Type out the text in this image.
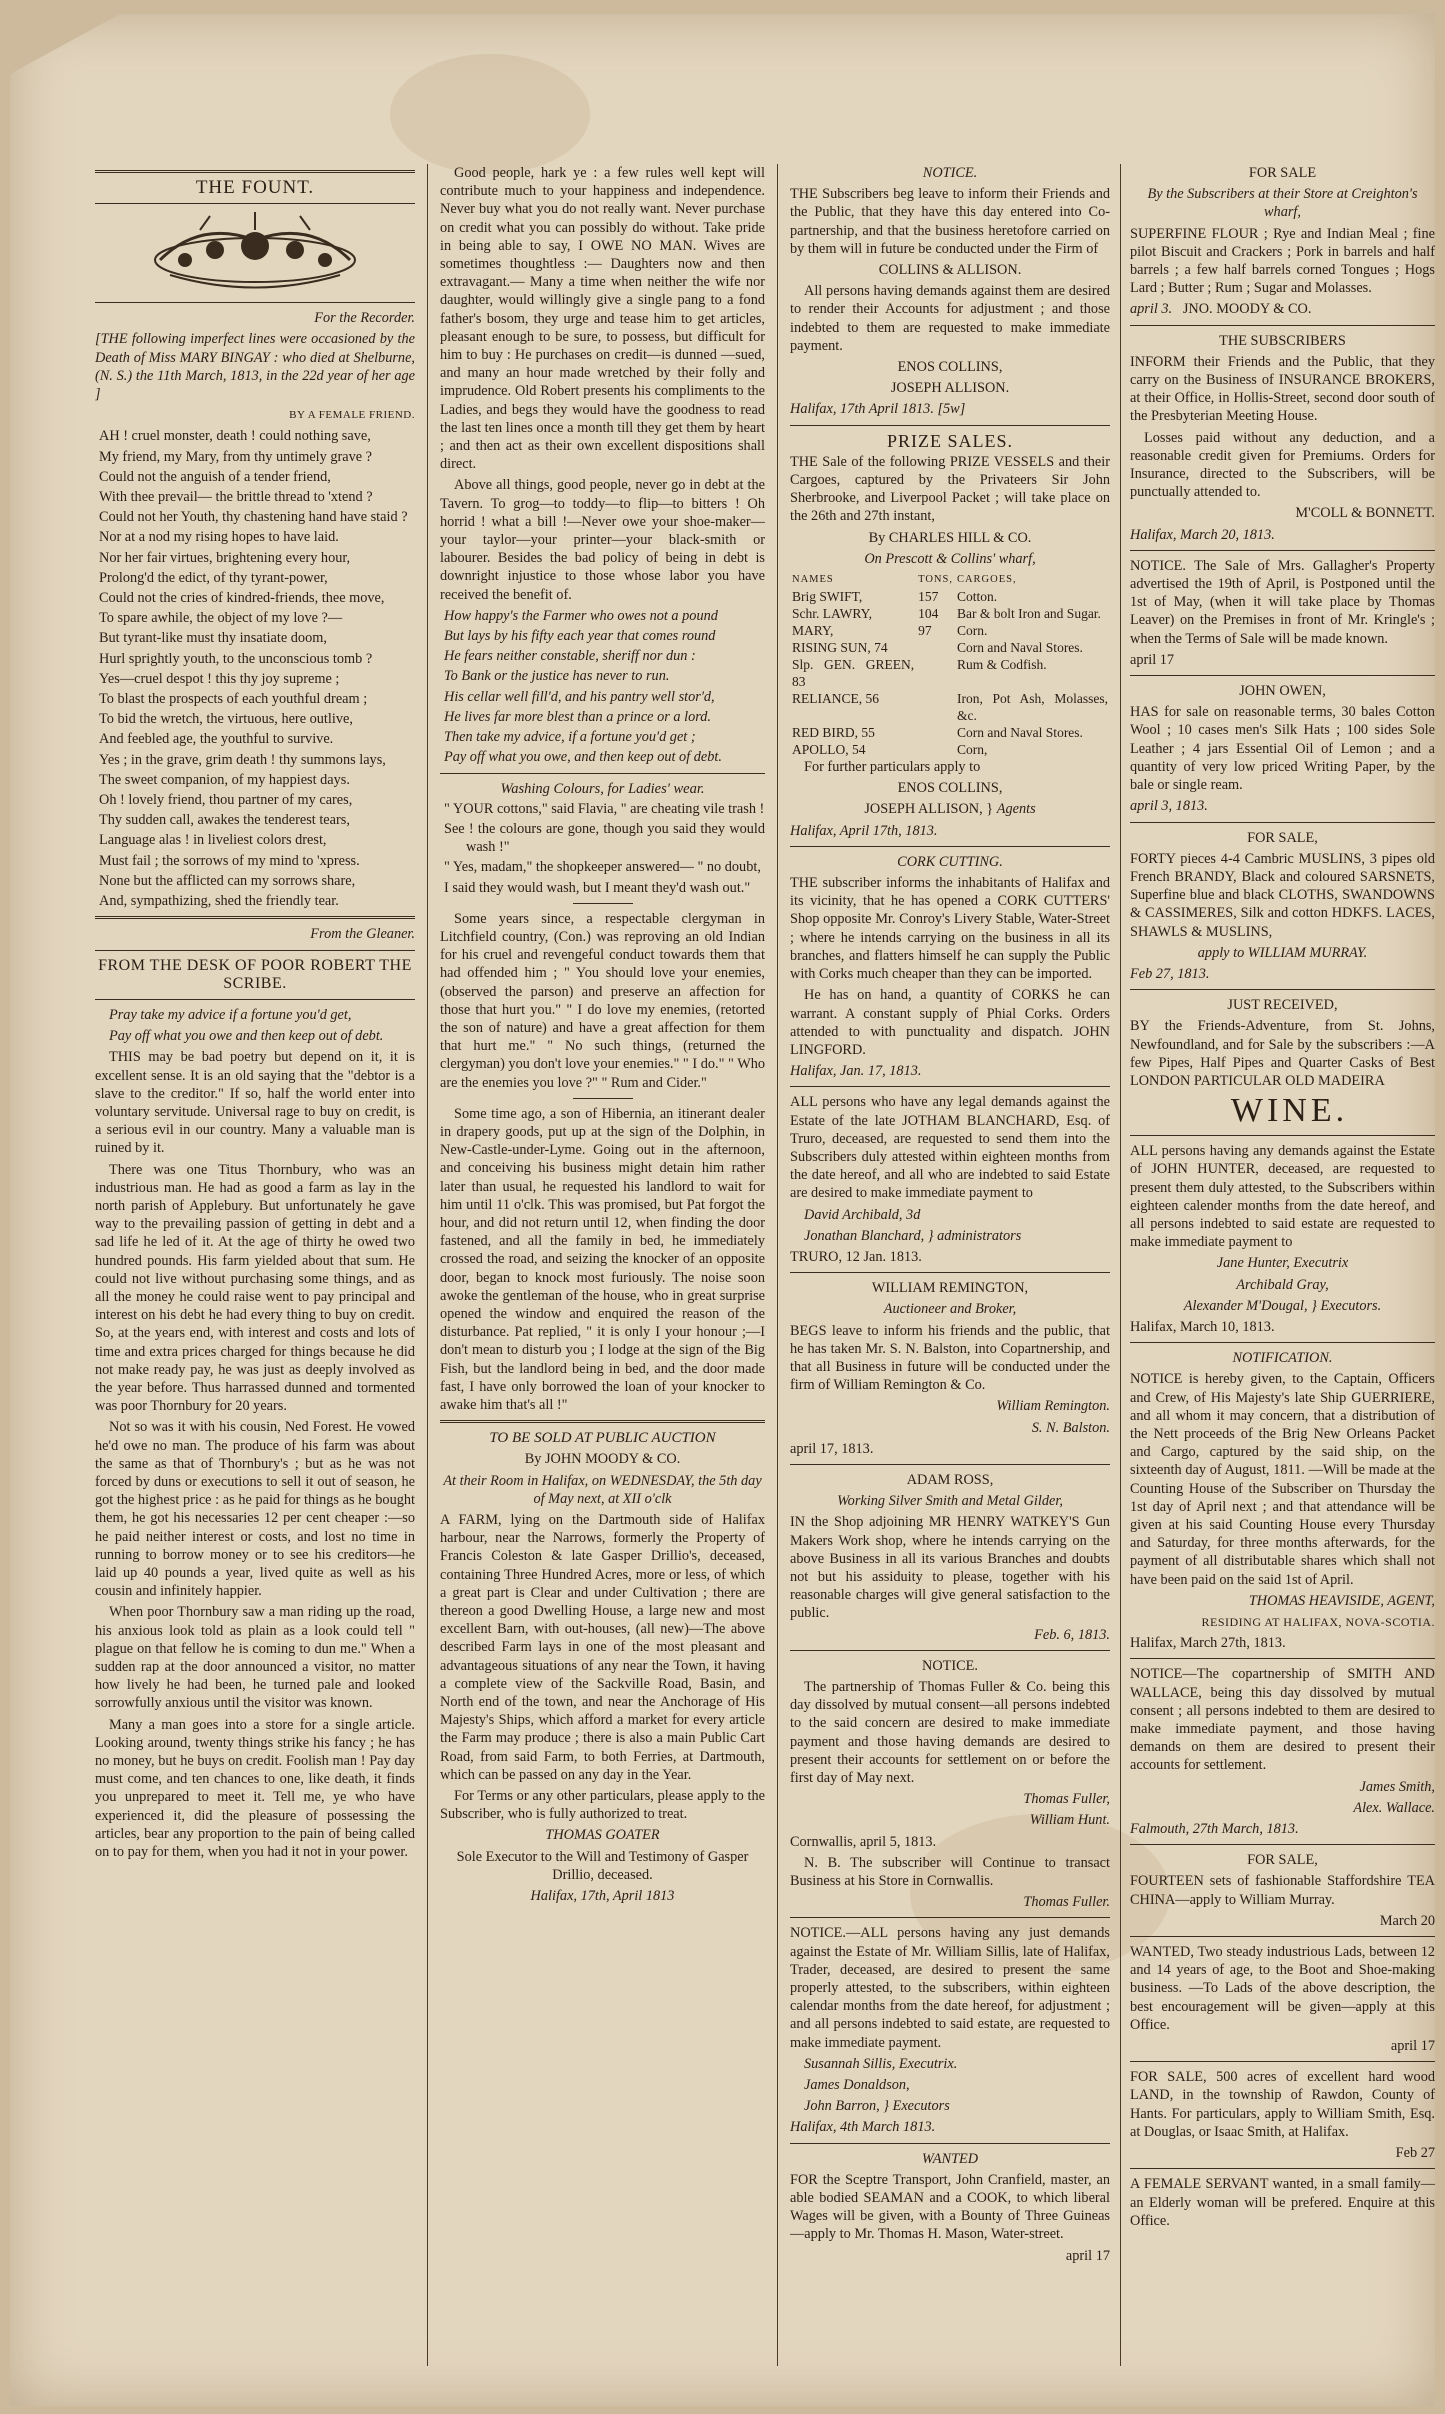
THE FOUNT.

For the Recorder.

[THE following imperfect lines were occasioned by the Death of Miss MARY BINGAY : who died at Shelburne, (N. S.) the 11th March, 1813, in the 22d year of her age ]

BY A FEMALE FRIEND.

AH ! cruel monster, death ! could nothing save,
My friend, my Mary, from thy untimely grave ?
Could not the anguish of a tender friend,
With thee prevail— the brittle thread to 'xtend ?
Could not her Youth, thy chastening hand have staid ?
Nor at a nod my rising hopes to have laid.
Nor her fair virtues, brightening every hour,
Prolong'd the edict, of thy tyrant-power,
Could not the cries of kindred-friends, thee move,
To spare awhile, the object of my love ?—
But tyrant-like must thy insatiate doom,
Hurl sprightly youth, to the unconscious tomb ?
Yes—cruel despot ! this thy joy supreme ;
To blast the prospects of each youthful dream ;
To bid the wretch, the virtuous, here outlive,
And feebled age, the youthful to survive.
Yes ; in the grave, grim death ! thy summons lays,
The sweet companion, of my happiest days.
Oh ! lovely friend, thou partner of my cares,
Thy sudden call, awakes the tenderest tears,
Language alas ! in liveliest colors drest,
Must fail ; the sorrows of my mind to 'xpress.
None but the afflicted can my sorrows share,
And, sympathizing, shed the friendly tear.

From the Gleaner.

FROM THE DESK OF POOR ROBERT THE SCRIBE.

Pray take my advice if a fortune you'd get,

Pay off what you owe and then keep out of debt.

THIS may be bad poetry but depend on it, it is excellent sense. It is an old saying that the "debtor is a slave to the creditor." If so, half the world enter into voluntary servitude. Universal rage to buy on credit, is a serious evil in our country. Many a valuable man is ruined by it.

There was one Titus Thornbury, who was an industrious man. He had as good a farm as lay in the north parish of Applebury. But unfortunately he gave way to the prevailing passion of getting in debt and a sad life he led of it. At the age of thirty he owed two hundred pounds. His farm yielded about that sum. He could not live without purchasing some things, and as all the money he could raise went to pay principal and interest on his debt he had every thing to buy on credit. So, at the years end, with interest and costs and lots of time and extra prices charged for things because he did not make ready pay, he was just as deeply involved as the year before. Thus harrassed dunned and tormented was poor Thornbury for 20 years.

Not so was it with his cousin, Ned Forest. He vowed he'd owe no man. The produce of his farm was about the same as that of Thornbury's ; but as he was not forced by duns or executions to sell it out of season, he got the highest price : as he paid for things as he bought them, he got his necessaries 12 per cent cheaper :—so he paid neither interest or costs, and lost no time in running to borrow money or to see his creditors—he laid up 40 pounds a year, lived quite as well as his cousin and infinitely happier.

When poor Thornbury saw a man riding up the road, his anxious look told as plain as a look could tell " plague on that fellow he is coming to dun me." When a sudden rap at the door announced a visitor, no matter how lively he had been, he turned pale and looked sorrowfully anxious until the visitor was known.

Many a man goes into a store for a single article. Looking around, twenty things strike his fancy ; he has no money, but he buys on credit. Foolish man ! Pay day must come, and ten chances to one, like death, it finds you unprepared to meet it. Tell me, ye who have experienced it, did the pleasure of possessing the articles, bear any proportion to the pain of being called on to pay for them, when you had it not in your power.

Good people, hark ye : a few rules well kept will contribute much to your happiness and independence. Never buy what you do not really want. Never purchase on credit what you can possibly do without. Take pride in being able to say, I OWE NO MAN. Wives are sometimes thoughtless :— Daughters now and then extravagant.— Many a time when neither the wife nor daughter, would willingly give a single pang to a fond father's bosom, they urge and tease him to get articles, pleasant enough to be sure, to possess, but difficult for him to buy : He purchases on credit—is dunned —sued, and many an hour made wretched by their folly and imprudence. Old Robert presents his compliments to the Ladies, and begs they would have the goodness to read the last ten lines once a month till they get them by heart ; and then act as their own excellent dispositions shall direct.

Above all things, good people, never go in debt at the Tavern. To grog—to toddy—to flip—to bitters ! Oh horrid ! what a bill !—Never owe your shoe-maker—your taylor—your printer—your black-smith or labourer. Besides the bad policy of being in debt is downright injustice to those whose labor you have received the benefit of.

How happy's the Farmer who owes not a pound
But lays by his fifty each year that comes round
He fears neither constable, sheriff nor dun :
To Bank or the justice has never to run.
His cellar well fill'd, and his pantry well stor'd,
He lives far more blest than a prince or a lord.
Then take my advice, if a fortune you'd get ;
Pay off what you owe, and then keep out of debt.
Washing Colours, for Ladies' wear.
" YOUR cottons," said Flavia, " are cheating vile trash !
See ! the colours are gone, though you said they would wash !"
" Yes, madam," the shopkeeper answered— " no doubt,
I said they would wash, but I meant they'd wash out."

Some years since, a respectable clergyman in Litchfield country, (Con.) was reproving an old Indian for his cruel and revengeful conduct towards them that had offended him ; " You should love your enemies, (observed the parson) and preserve an affection for those that hurt you." " I do love my enemies, (retorted the son of nature) and have a great affection for them that hurt me." " No such things, (returned the clergyman) you don't love your enemies." " I do." " Who are the enemies you love ?" " Rum and Cider."

Some time ago, a son of Hibernia, an itinerant dealer in drapery goods, put up at the sign of the Dolphin, in New-Castle-under-Lyme. Going out in the afternoon, and conceiving his business might detain him rather later than usual, he requested his landlord to wait for him until 11 o'clk. This was promised, but Pat forgot the hour, and did not return until 12, when finding the door fastened, and all the family in bed, he immediately crossed the road, and seizing the knocker of an opposite door, began to knock most furiously. The noise soon awoke the gentleman of the house, who in great surprise opened the window and enquired the reason of the disturbance. Pat replied, " it is only I your honour ;—I don't mean to disturb you ; I lodge at the sign of the Big Fish, but the landlord being in bed, and the door made fast, I have only borrowed the loan of your knocker to awake him that's all !"

TO BE SOLD AT PUBLIC AUCTION

By JOHN MOODY & CO.

At their Room in Halifax, on WEDNESDAY, the 5th day of May next, at XII o'clk

A FARM, lying on the Dartmouth side of Halifax harbour, near the Narrows, formerly the Property of Francis Coleston & late Gasper Drillio's, deceased, containing Three Hundred Acres, more or less, of which a great part is Clear and under Cultivation ; there are thereon a good Dwelling House, a large new and most excellent Barn, with out-houses, (all new)—The above described Farm lays in one of the most pleasant and advantageous situations of any near the Town, it having a complete view of the Sackville Road, Basin, and North end of the town, and near the Anchorage of His Majesty's Ships, which afford a market for every article the Farm may produce ; there is also a main Public Cart Road, from said Farm, to both Ferries, at Dartmouth, which can be passed on any day in the Year.

For Terms or any other particulars, please apply to the Subscriber, who is fully authorized to treat.

THOMAS GOATER

Sole Executor to the Will and Testimony of Gasper Drillio, deceased.

Halifax, 17th, April 1813

NOTICE.

THE Subscribers beg leave to inform their Friends and the Public, that they have this day entered into Co-partnership, and that the business heretofore carried on by them will in future be conducted under the Firm of

COLLINS & ALLISON.

All persons having demands against them are desired to render their Accounts for adjustment ; and those indebted to them are requested to make immediate payment.

ENOS COLLINS,

JOSEPH ALLISON.

Halifax, 17th April 1813. [5w]

PRIZE SALES.

THE Sale of the following PRIZE VESSELS and their Cargoes, captured by the Privateers Sir John Sherbrooke, and Liverpool Packet ; will take place on the 26th and 27th instant,

By CHARLES HILL & CO.

On Prescott & Collins' wharf,

NAMES	TONS,	CARGOES,
Brig SWIFT,	157	Cotton.
Schr. LAWRY,	104	Bar & bolt Iron and Sugar.
MARY,	97	Corn.
RISING SUN, 74		Corn and Naval Stores.
Slp. GEN. GREEN, 83		Rum & Codfish.
RELIANCE, 56		Iron, Pot Ash, Molasses, &c.
RED BIRD, 55		Corn and Naval Stores.
APOLLO, 54		Corn,

For further particulars apply to

ENOS COLLINS,

JOSEPH ALLISON, } Agents

Halifax, April 17th, 1813.

CORK CUTTING.

THE subscriber informs the inhabitants of Halifax and its vicinity, that he has opened a CORK CUTTERS' Shop opposite Mr. Conroy's Livery Stable, Water-Street ; where he intends carrying on the business in all its branches, and flatters himself he can supply the Public with Corks much cheaper than they can be imported.

He has on hand, a quantity of CORKS he can warrant. A constant supply of Phial Corks. Orders attended to with punctuality and dispatch. JOHN LINGFORD.

Halifax, Jan. 17, 1813.

ALL persons who have any legal demands against the Estate of the late JOTHAM BLANCHARD, Esq. of Truro, deceased, are requested to send them into the Subscribers duly attested within eighteen months from the date hereof, and all who are indebted to said Estate are desired to make immediate payment to

David Archibald, 3d

Jonathan Blanchard, } administrators

TRURO, 12 Jan. 1813.

WILLIAM REMINGTON,

Auctioneer and Broker,

BEGS leave to inform his friends and the public, that he has taken Mr. S. N. Balston, into Copartnership, and that all Business in future will be conducted under the firm of William Remington & Co.

William Remington.

S. N. Balston.

april 17, 1813.

ADAM ROSS,

Working Silver Smith and Metal Gilder,

IN the Shop adjoining MR HENRY WATKEY'S Gun Makers Work shop, where he intends carrying on the above Business in all its various Branches and doubts not but his assiduity to please, together with his reasonable charges will give general satisfaction to the public.

Feb. 6, 1813.

NOTICE.

The partnership of Thomas Fuller & Co. being this day dissolved by mutual consent—all persons indebted to the said concern are desired to make immediate payment and those having demands are desired to present their accounts for settlement on or before the first day of May next.

Thomas Fuller,

William Hunt.

Cornwallis, april 5, 1813.

N. B. The subscriber will Continue to transact Business at his Store in Cornwallis.

Thomas Fuller.

NOTICE.—ALL persons having any just demands against the Estate of Mr. William Sillis, late of Halifax, Trader, deceased, are desired to present the same properly attested, to the subscribers, within eighteen calendar months from the date hereof, for adjustment ; and all persons indebted to said estate, are requested to make immediate payment.

Susannah Sillis, Executrix.

James Donaldson,

John Barron, } Executors

Halifax, 4th March 1813.

WANTED

FOR the Sceptre Transport, John Cranfield, master, an able bodied SEAMAN and a COOK, to which liberal Wages will be given, with a Bounty of Three Guineas—apply to Mr. Thomas H. Mason, Water-street.

april 17

FOR SALE

By the Subscribers at their Store at Creighton's wharf,

SUPERFINE FLOUR ; Rye and Indian Meal ; fine pilot Biscuit and Crackers ; Pork in barrels and half barrels ; a few half barrels corned Tongues ; Hogs Lard ; Butter ; Rum ; Sugar and Molasses.

april 3. JNO. MOODY & CO.

THE SUBSCRIBERS

INFORM their Friends and the Public, that they carry on the Business of INSURANCE BROKERS, at their Office, in Hollis-Street, second door south of the Presbyterian Meeting House.

Losses paid without any deduction, and a reasonable credit given for Premiums. Orders for Insurance, directed to the Subscribers, will be punctually attended to.

M'COLL & BONNETT.

Halifax, March 20, 1813.

NOTICE. The Sale of Mrs. Gallagher's Property advertised the 19th of April, is Postponed until the 1st of May, (when it will take place by Thomas Leaver) on the Premises in front of Mr. Kringle's ; when the Terms of Sale will be made known.

april 17

JOHN OWEN,

HAS for sale on reasonable terms, 30 bales Cotton Wool ; 10 cases men's Silk Hats ; 100 sides Sole Leather ; 4 jars Essential Oil of Lemon ; and a quantity of very low priced Writing Paper, by the bale or single ream.

april 3, 1813.

FOR SALE,

FORTY pieces 4-4 Cambric MUSLINS, 3 pipes old French BRANDY, Black and coloured SARSNETS, Superfine blue and black CLOTHS, SWANDOWNS & CASSIMERES, Silk and cotton HDKFS. LACES, SHAWLS & MUSLINS,

apply to WILLIAM MURRAY.

Feb 27, 1813.

JUST RECEIVED,

BY the Friends-Adventure, from St. Johns, Newfoundland, and for Sale by the subscribers :—A few Pipes, Half Pipes and Quarter Casks of Best LONDON PARTICULAR OLD MADEIRA

WINE.

ALL persons having any demands against the Estate of JOHN HUNTER, deceased, are requested to present them duly attested, to the Subscribers within eighteen calender months from the date hereof, and all persons indebted to said estate are requested to make immediate payment to

Jane Hunter, Executrix

Archibald Gray,

Alexander M'Dougal, } Executors.

Halifax, March 10, 1813.

NOTIFICATION.

NOTICE is hereby given, to the Captain, Officers and Crew, of His Majesty's late Ship GUERRIERE, and all whom it may concern, that a distribution of the Nett proceeds of the Brig New Orleans Packet and Cargo, captured by the said ship, on the sixteenth day of August, 1811. —Will be made at the Counting House of the Subscriber on Thursday the 1st day of April next ; and that attendance will be given at his said Counting House every Thursday and Saturday, for three months afterwards, for the payment of all distributable shares which shall not have been paid on the said 1st of April.

THOMAS HEAVISIDE, AGENT,

RESIDING AT HALIFAX, NOVA-SCOTIA.

Halifax, March 27th, 1813.

NOTICE—The copartnership of SMITH AND WALLACE, being this day dissolved by mutual consent ; all persons indebted to them are desired to make immediate payment, and those having demands on them are desired to present their accounts for settlement.

James Smith,

Alex. Wallace.

Falmouth, 27th March, 1813.

FOR SALE,

FOURTEEN sets of fashionable Staffordshire TEA CHINA—apply to William Murray.

March 20

WANTED, Two steady industrious Lads, between 12 and 14 years of age, to the Boot and Shoe-making business. —To Lads of the above description, the best encouragement will be given—apply at this Office.

april 17

FOR SALE, 500 acres of excellent hard wood LAND, in the township of Rawdon, County of Hants. For particulars, apply to William Smith, Esq. at Douglas, or Isaac Smith, at Halifax.

Feb 27

A FEMALE SERVANT wanted, in a small family—an Elderly woman will be prefered. Enquire at this Office.
